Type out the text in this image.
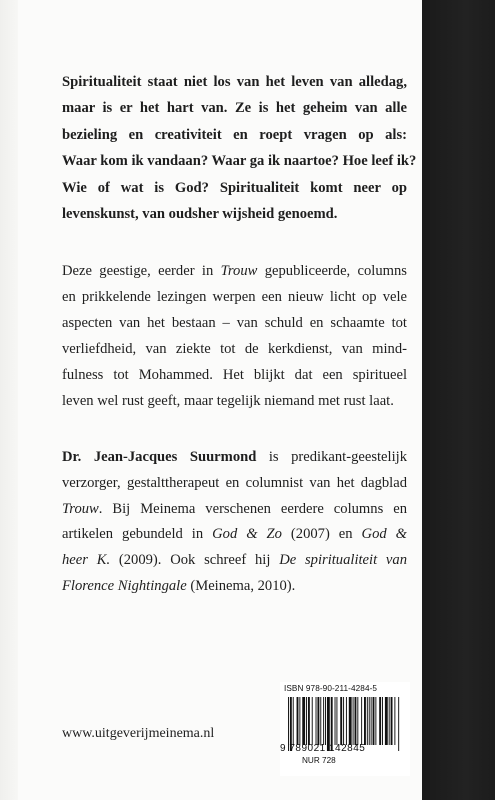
Spiritualiteit staat niet los van het leven van alledag,
maar is er het hart van. Ze is het geheim van alle
bezieling en creativiteit en roept vragen op als:
Waar kom ik vandaan? Waar ga ik naartoe? Hoe leef ik?
Wie of wat is God? Spiritualiteit komt neer op
levenskunst, van oudsher wijsheid genoemd.
Deze geestige, eerder in Trouw gepubliceerde, columns
en prikkelende lezingen werpen een nieuw licht op vele
aspecten van het bestaan – van schuld en schaamte tot
verliefdheid, van ziekte tot de kerkdienst, van mind-
fulness tot Mohammed. Het blijkt dat een spiritueel
leven wel rust geeft, maar tegelijk niemand met rust laat.
Dr. Jean-Jacques Suurmond is predikant-geestelijk
verzorger, gestalttherapeut en columnist van het dagblad
Trouw. Bij Meinema verschenen eerdere columns en
artikelen gebundeld in God & Zo (2007) en God &
heer K. (2009). Ook schreef hij De spiritualiteit van
Florence Nightingale (Meinema, 2010).
www.uitgeverijmeinema.nl
ISBN 978-90-211-4284-5
9 789021 142845
NUR 728
